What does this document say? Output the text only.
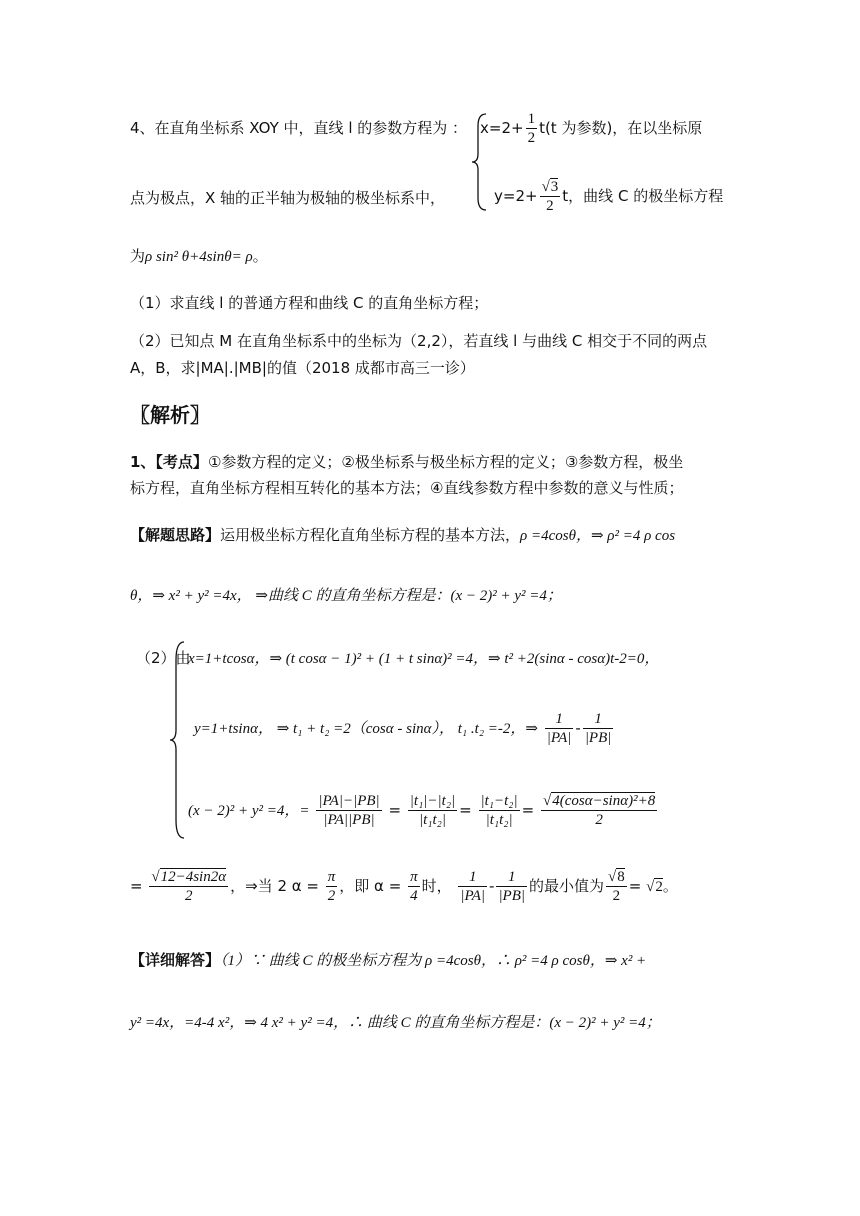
4、在直角坐标系 XOY 中，直线 l 的参数方程为 ： $x=2+ \frac{1}{2} t(t$ 为参数)，在以坐标原
点为极点，X 轴的正半轴为极轴的极坐标系中，	$y=2+ \frac{√3}{2}$ t，曲线 C 的极坐标方程
为ρ sin² θ+4sinθ= ρ。
（1）求直线 l 的普通方程和曲线 C 的直角坐标方程；
（2）已知点 M 在直角坐标系中的坐标为（2,2），若直线 l 与曲线 C 相交于不同的两点
A，B，求|MA|.|MB|的值（2018 成都市高三一诊）
〖解析〗
1、【考点】①参数方程的定义；②极坐标系与极坐标方程的定义；③参数方程，极坐
标方程，直角坐标方程相互转化的基本方法；④直线参数方程中参数的意义与性质；
【解题思路】运用极坐标方程化直角坐标方程的基本方法，ρ =4cosθ，⇒ ρ² =4 ρ cos
θ，⇒ x² + y² =4x， ⇒曲线 C 的直角坐标方程是：(x − 2)² + y² =4；
（2）由
x=1+tcosα，⇒ (t cosα − 1)² + (1 + t sinα)² =4，⇒ t² +2(sinα - cosα)t-2=0，
y=1+tsinα， ⇒ t₁ + t₂ =2（cosα - sinα）， t₁ .t₂ =-2，⇒ $\frac{1}{|PA|} - \frac{1}{|PB|}$
(x − 2)² + y² =4，= $\frac{|PA|-|PB|}{|PA||PB|} = \frac{\text{|t₁|−|t₂|}}{\text{|t₁t₂|}} = \frac{\text{|t₁−t₂|}}{\text{|t₁t₂|}} = \frac{\text{√4(cosα−sinα)²+8}}{2}$
= $\frac{√12-4\sin 2\alpha}{2}$ ，⇒当 2 $\alpha = \frac{\pi}{2}$ ，即 $\alpha = \frac{\pi}{4}$ 时， $\frac{1}{|PA|} - \frac{1}{|PB|}$ 的最小值为 $\frac{√8}{2} = √2$。
【详细解答】（1）∵ 曲线 C 的极坐标方程为 ρ =4cosθ，∴ ρ² =4 ρ cosθ，⇒ x² +
y² =4x，=4-4 x²，⇒ 4 x² + y² =4，∴ 曲线 C 的直角坐标方程是：(x − 2)² + y² =4；
